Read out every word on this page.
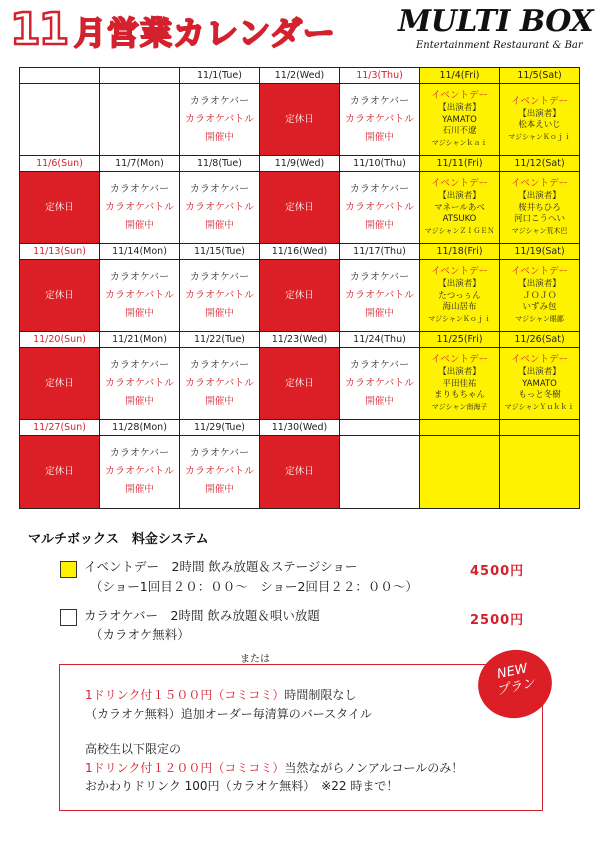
11 月営業カレンダー MULTI BOX
Entertainment Restaurant & Bar
		11/1(Tue)	11/2(Wed)	11/3(Thu)	11/4(Fri)	11/5(Sat)

		カラオケバー
カラオケバトル
開催中	定休日	カラオケバー
カラオケバトル
開催中	イベントデー
【出演者】
YAMATO
石川不遼
マジシャンｋａｉ	イベントデー
【出演者】
松本えいじ
マジシャンＫｏｊｉ

11/6(Sun)	11/7(Mon)	11/8(Tue)	11/9(Wed)	11/10(Thu)	11/11(Fri)	11/12(Sat)
定休日	カラオケバー
カラオケバトル
開催中	カラオケバー
カラオケバトル
開催中	定休日	カラオケバー
カラオケバトル
開催中	イベントデー
【出演者】
マネールあべ
ATSUKO
マジシャンＺＩＧＥＮ	イベントデー
【出演者】
桜井ちひろ
河口こうへい
マジシャン荒木巴

11/13(Sun)	11/14(Mon)	11/15(Tue)	11/16(Wed)	11/17(Thu)	11/18(Fri)	11/19(Sat)
定休日	カラオケバー
カラオケバトル
開催中	カラオケバー
カラオケバトル
開催中	定休日	カラオケバー
カラオケバトル
開催中	イベントデー
【出演者】
たつっぅん
海山居布
マジシャンＫｏｊｉ	イベントデー
【出演者】
ＪＯＪＯ
いずみ包
マジシャン眼鄙

11/20(Sun)	11/21(Mon)	11/22(Tue)	11/23(Wed)	11/24(Thu)	11/25(Fri)	11/26(Sat)
定休日	カラオケバー
カラオケバトル
開催中	カラオケバー
カラオケバトル
開催中	定休日	カラオケバー
カラオケバトル
開催中	イベントデー
【出演者】
平田佳祐
まりもちゃん
マジシャン南海子	イベントデー
【出演者】
YAMATO
もっと冬樹
マジシャンＹｕｋｋｉ

11/27(Sun)	11/28(Mon)	11/29(Tue)	11/30(Wed)			
定休日	カラオケバー
カラオケバトル
開催中	カラオケバー
カラオケバトル
開催中	定休日			
マルチボックス　料金システム
イベントデー　2時間 飲み放題＆ステージショー
（ショー1回目２０：００〜　ショー2回目２２：００〜）
4500円
カラオケバー　2時間 飲み放題＆唄い放題
（カラオケ無料）
2500円
または
1ドリンク付１５００円（コミコミ）時間制限なし
（カラオケ無料）追加オーダー毎清算のバースタイル
高校生以下限定の
1ドリンク付１２００円（コミコミ）当然ながらノンアルコールのみ！
おかわりドリンク 100円（カラオケ無料）　※22 時まで！
NEW
プラン
